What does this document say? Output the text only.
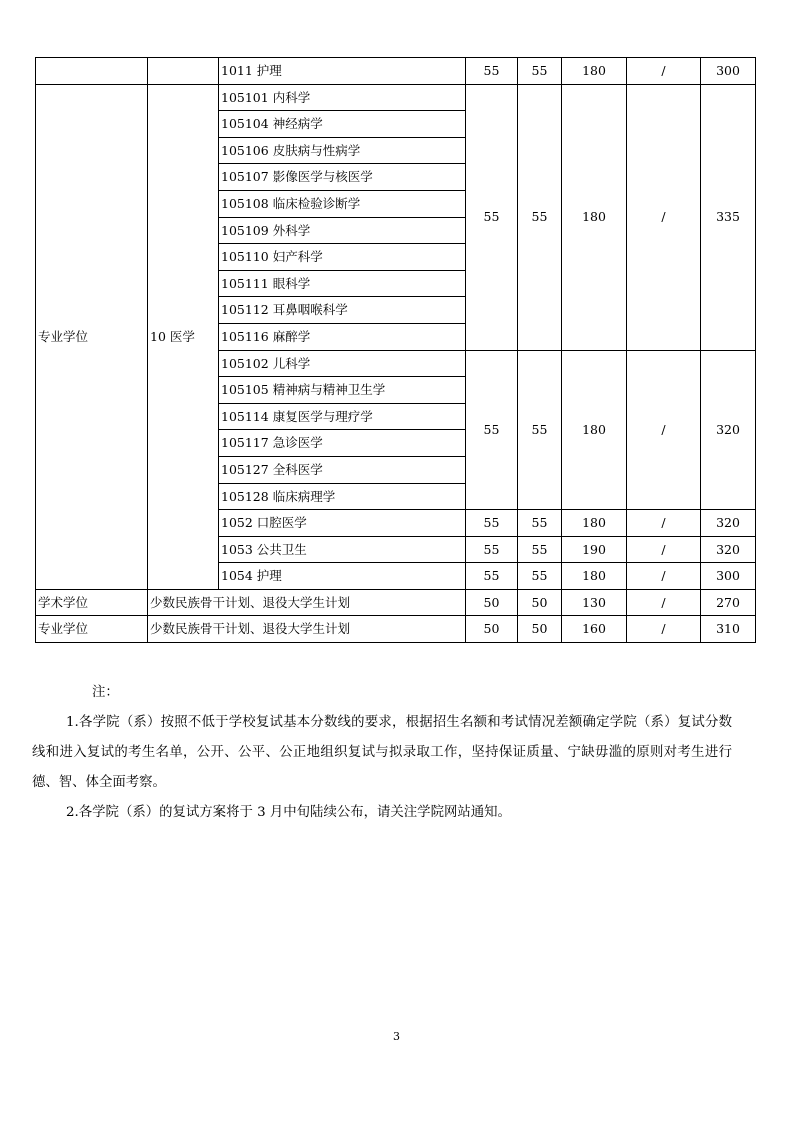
		1011 护理	55	55	180	/	300
专业学位	10 医学	105101 内科学	55	55	180	/	335
		105104 神经病学					
		105106 皮肤病与性病学					
		105107 影像医学与核医学					
		105108 临床检验诊断学					
		105109 外科学					
		105110 妇产科学					
		105111 眼科学					
		105112 耳鼻咽喉科学					
		105116 麻醉学					
		105102 儿科学	55	55	180	/	320
		105105 精神病与精神卫生学					
		105114 康复医学与理疗学					
		105117 急诊医学					
		105127 全科医学					
		105128 临床病理学					
		1052 口腔医学	55	55	180	/	320
		1053 公共卫生	55	55	190	/	320
		1054 护理	55	55	180	/	300
学术学位	少数民族骨干计划、退役大学生计划		50	50	130	/	270
专业学位	少数民族骨干计划、退役大学生计划		50	50	160	/	310

注：

1.各学院（系）按照不低于学校复试基本分数线的要求，根据招生名额和考试情况差额确定学院（系）复试分数线和进入复试的考生名单，公开、公平、公正地组织复试与拟录取工作，坚持保证质量、宁缺毋滥的原则对考生进行德、智、体全面考察。

2.各学院（系）的复试方案将于 3 月中旬陆续公布，请关注学院网站通知。

3
